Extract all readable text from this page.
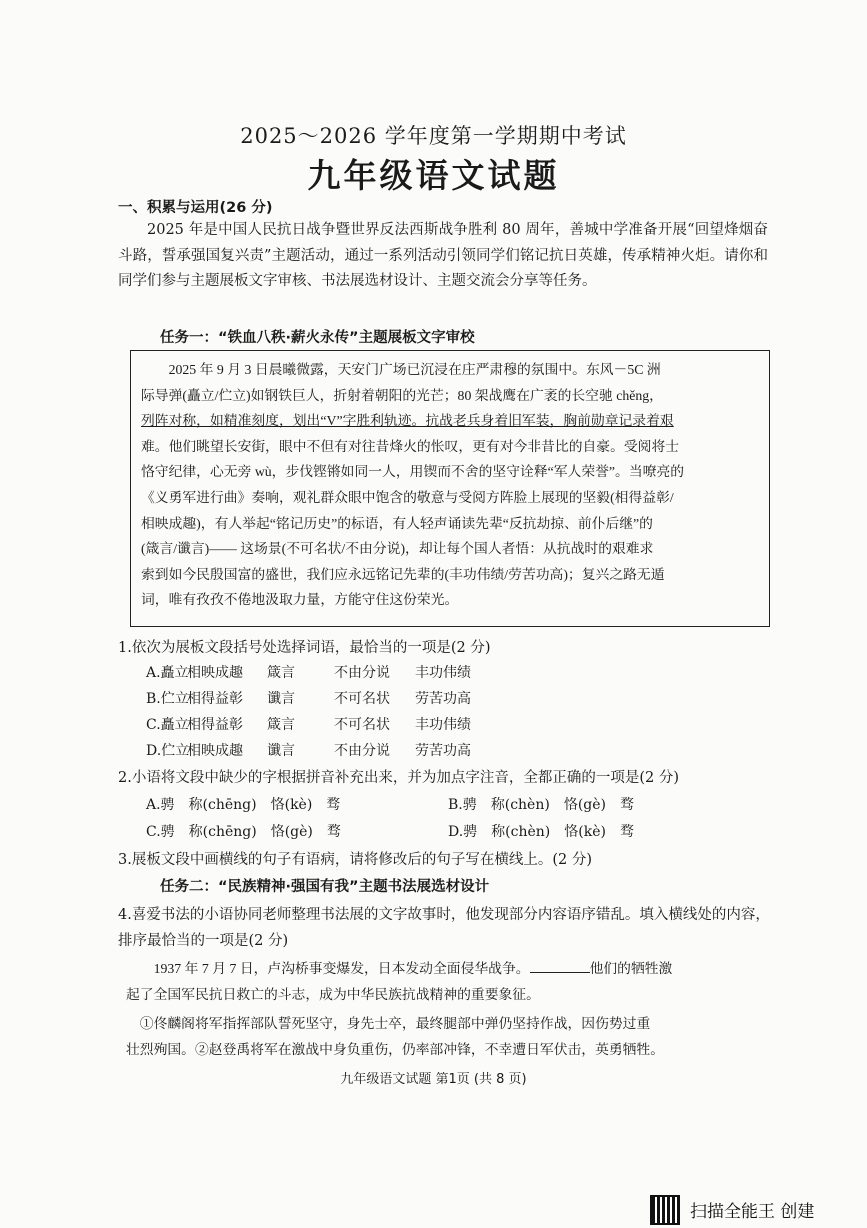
2025～2026 学年度第一学期期中考试
九年级语文试题
一、积累与运用(26 分)
2025 年是中国人民抗日战争暨世界反法西斯战争胜利 80 周年，善城中学准备开展“回望烽烟奋斗路，誓承强国复兴责”主题活动，通过一系列活动引领同学们铭记抗日英雄，传承精神火炬。请你和同学们参与主题展板文字审核、书法展选材设计、主题交流会分享等任务。
任务一：“铁血八秩·薪火永传”主题展板文字审校
　　2025 年 9 月 3 日晨曦微露，天安门广场已沉浸在庄严肃穆的氛围中。东风－5C 洲
际导弹(矗立/伫立)如钢铁巨人，折射着朝阳的光芒；80 架战鹰在广袤的长空驰 chěng，
列阵对称，如精准刻度，划出“V”字胜利轨迹。抗战老兵身着旧军装，胸前勋章记录着艰
难。他们眺望长安街，眼中不但有对往昔烽火的怅叹，更有对今非昔比的自豪。受阅将士
恪守纪律，心无旁 wù，步伐铿锵如同一人，用锲而不舍的坚守诠释“军人荣誉”。当嘹亮的
《义勇军进行曲》奏响，观礼群众眼中饱含的敬意与受阅方阵脸上展现的坚毅(相得益彰/
相映成趣)，有人举起“铭记历史”的标语，有人轻声诵读先辈“反抗劫掠、前仆后继”的
(箴言/谶言)—— 这场景(不可名状/不由分说)，却让每个国人者悟：从抗战时的艰难求
索到如今民殷国富的盛世，我们应永远铭记先辈的(丰功伟绩/劳苦功高)；复兴之路无遁
词，唯有孜孜不倦地汲取力量，方能守住这份荣光。
1.依次为展板文段括号处选择词语，最恰当的一项是(2 分)
A.矗立相映成趣 箴言	不由分说 丰功伟绩
B.伫立相得益彰 谶言	不可名状 劳苦功高
C.矗立相得益彰 箴言	不可名状 丰功伟绩
D.伫立相映成趣 谶言	不由分说 劳苦功高
2.小语将文段中缺少的字根据拼音补充出来，并为加点字注音，全都正确的一项是(2 分)
A.骋　称(chēng)　恪(kè)　骛	B.骋　称(chèn)　恪(gè)　骛
C.骋　称(chēng)　恪(gè)　骛	D.骋　称(chèn)　恪(kè)　骛
3.展板文段中画横线的句子有语病，请将修改后的句子写在横线上。(2 分)
任务二：“民族精神·强国有我”主题书法展选材设计
4.喜爱书法的小语协同老师整理书法展的文字故事时，他发现部分内容语序错乱。填入横线处的内容，排序最恰当的一项是(2 分)
　　1937 年 7 月 7 日，卢沟桥事变爆发，日本发动全面侵华战争。	他们的牺牲激
起了全国军民抗日救亡的斗志，成为中华民族抗战精神的重要象征。
　①佟麟阁将军指挥部队誓死坚守，身先士卒，最终腿部中弹仍坚持作战，因伤势过重
壮烈殉国。②赵登禹将军在激战中身负重伤，仍率部冲锋，不幸遭日军伏击，英勇牺牲。
九年级语文试题 第1页 (共 8 页)
扫描全能王 创建
